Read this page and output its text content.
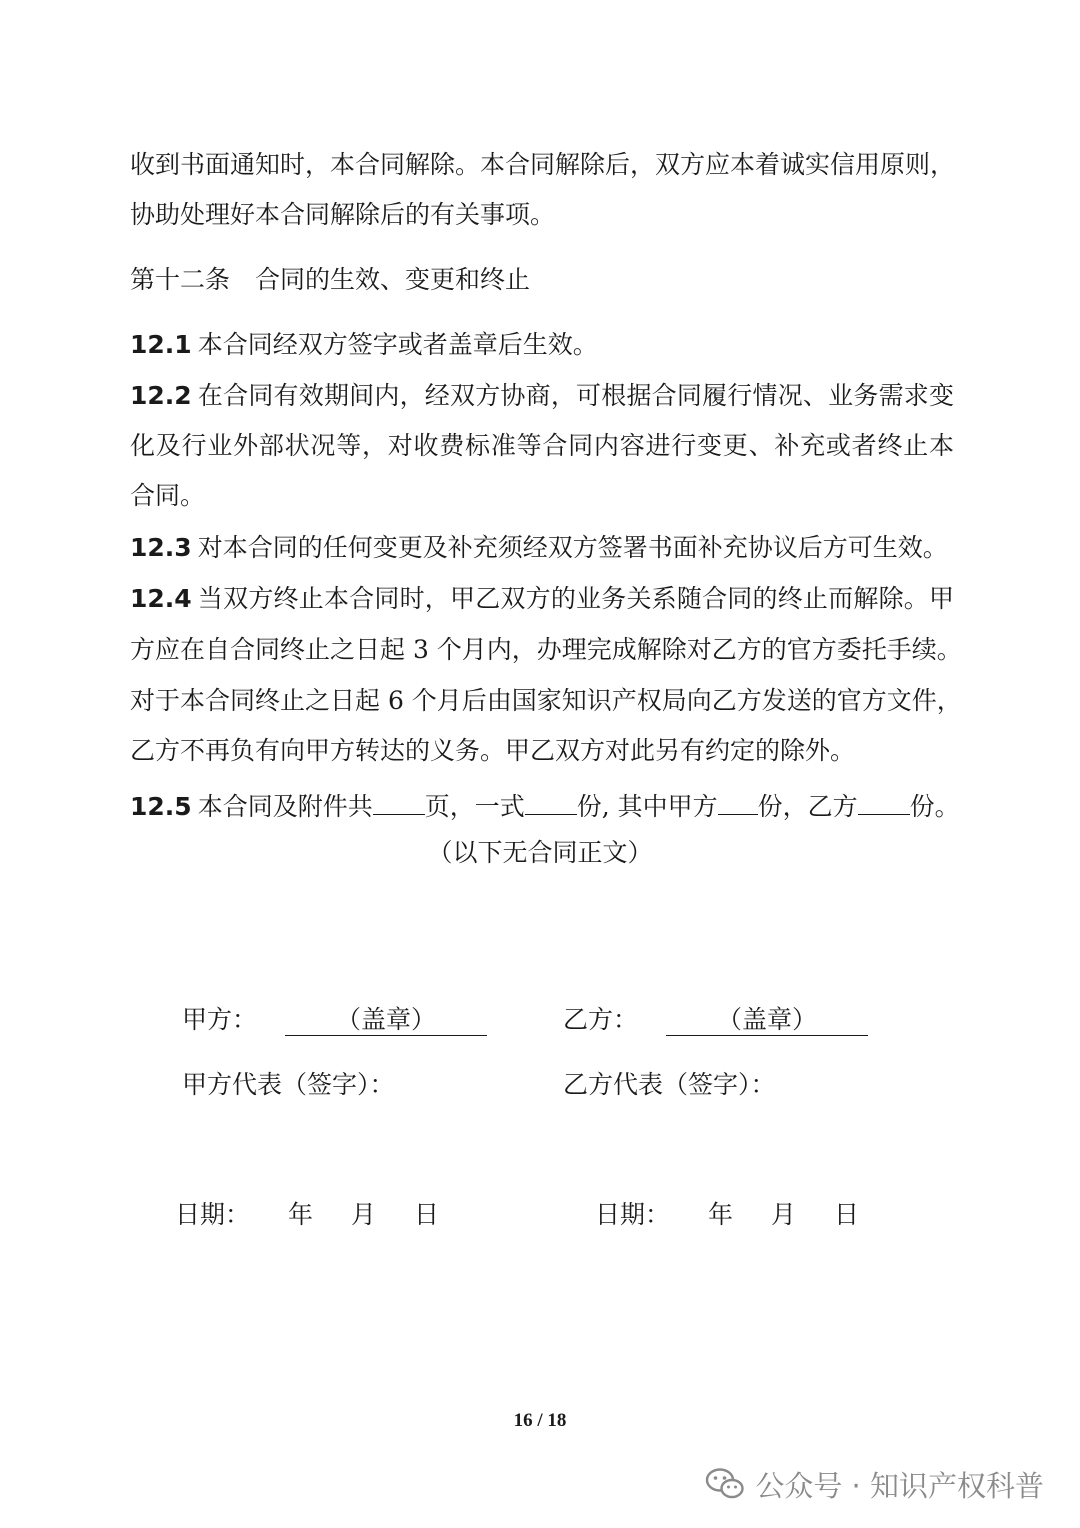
收到书面通知时，本合同解除。本合同解除后，双方应本着诚实信用原则，
协助处理好本合同解除后的有关事项。
第十二条　合同的生效、变更和终止
12.1 本合同经双方签字或者盖章后生效。
12.2 在合同有效期间内，经双方协商，可根据合同履行情况、业务需求变
化及行业外部状况等，对收费标准等合同内容进行变更、补充或者终止本
合同。
12.3 对本合同的任何变更及补充须经双方签署书面补充协议后方可生效。
12.4 当双方终止本合同时，甲乙双方的业务关系随合同的终止而解除。甲
方应在自合同终止之日起 3 个月内，办理完成解除对乙方的官方委托手续。
对于本合同终止之日起 6 个月后由国家知识产权局向乙方发送的官方文件，
乙方不再负有向甲方转达的义务。甲乙双方对此另有约定的除外。
12.5 本合同及附件共 页，一式 份, 其中甲方 份，乙方 份。
（以下无合同正文）
甲方：	（盖章）	乙方：	（盖章）
甲方代表（签字）：	乙方代表（签字）：
日期： 年 月 日	日期： 年 月 日
16 / 18
公众号 · 知识产权科普
